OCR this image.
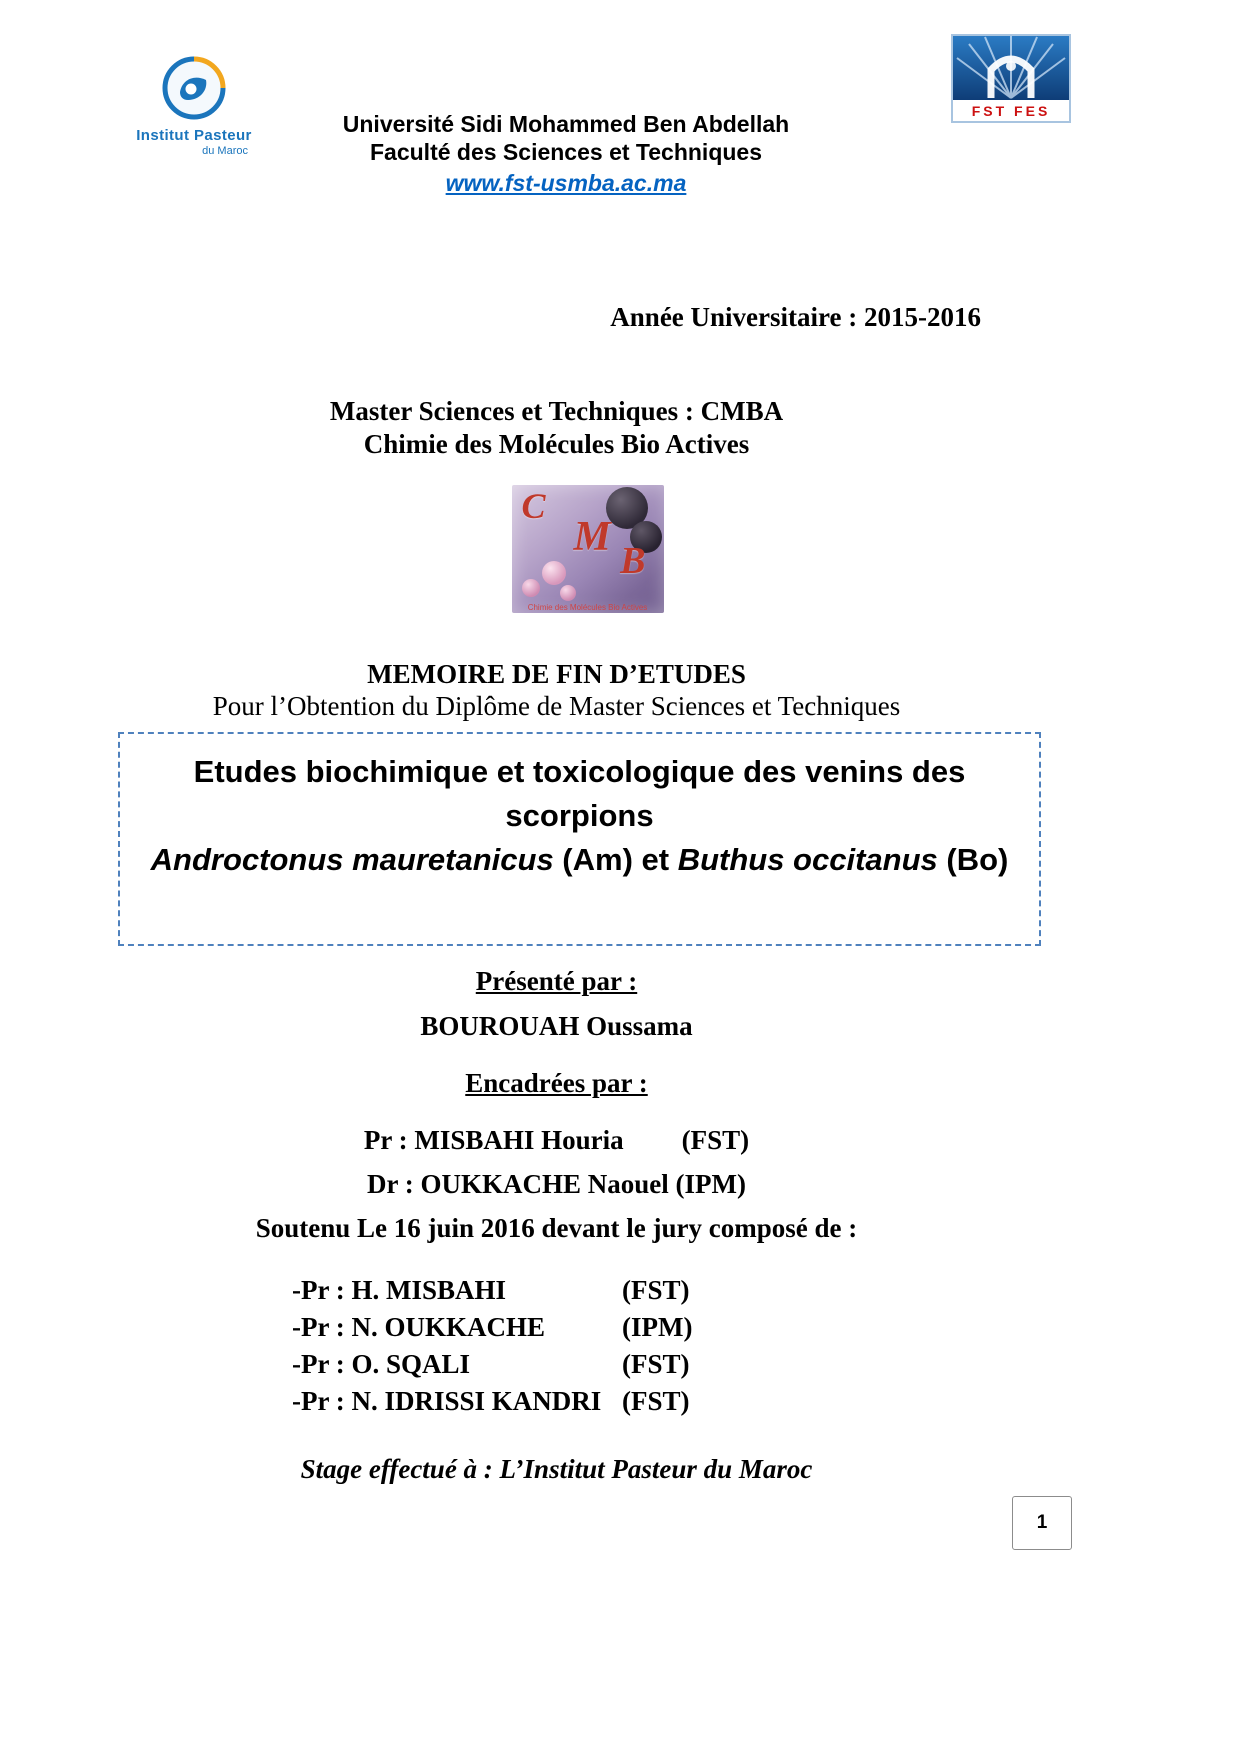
Institut Pasteur
du Maroc
Université Sidi Mohammed Ben Abdellah
Faculté des Sciences et Techniques
www.fst-usmba.ac.ma
FST FES
Année Universitaire : 2015-2016
Master Sciences et Techniques : CMBA
Chimie des Molécules Bio Actives
C
M
B
Chimie des Molécules Bio Actives
MEMOIRE DE FIN D’ETUDES
Pour l’Obtention du Diplôme de Master Sciences et Techniques
Etudes biochimique et toxicologique des venins des scorpions
Androctonus mauretanicus (Am) et Buthus occitanus (Bo)
Présenté par :
BOUROUAH Oussama
Encadrées par :
Pr : MISBAHI Houria (FST)
Dr : OUKKACHE Naouel (IPM)
Soutenu Le 16 juin 2016 devant le jury composé de :
-Pr : H. MISBAHI	(FST)
-Pr : N. OUKKACHE	(IPM)
-Pr : O. SQALI	(FST)
-Pr : N. IDRISSI KANDRI (FST)
Stage effectué à : L’Institut Pasteur du Maroc
1
